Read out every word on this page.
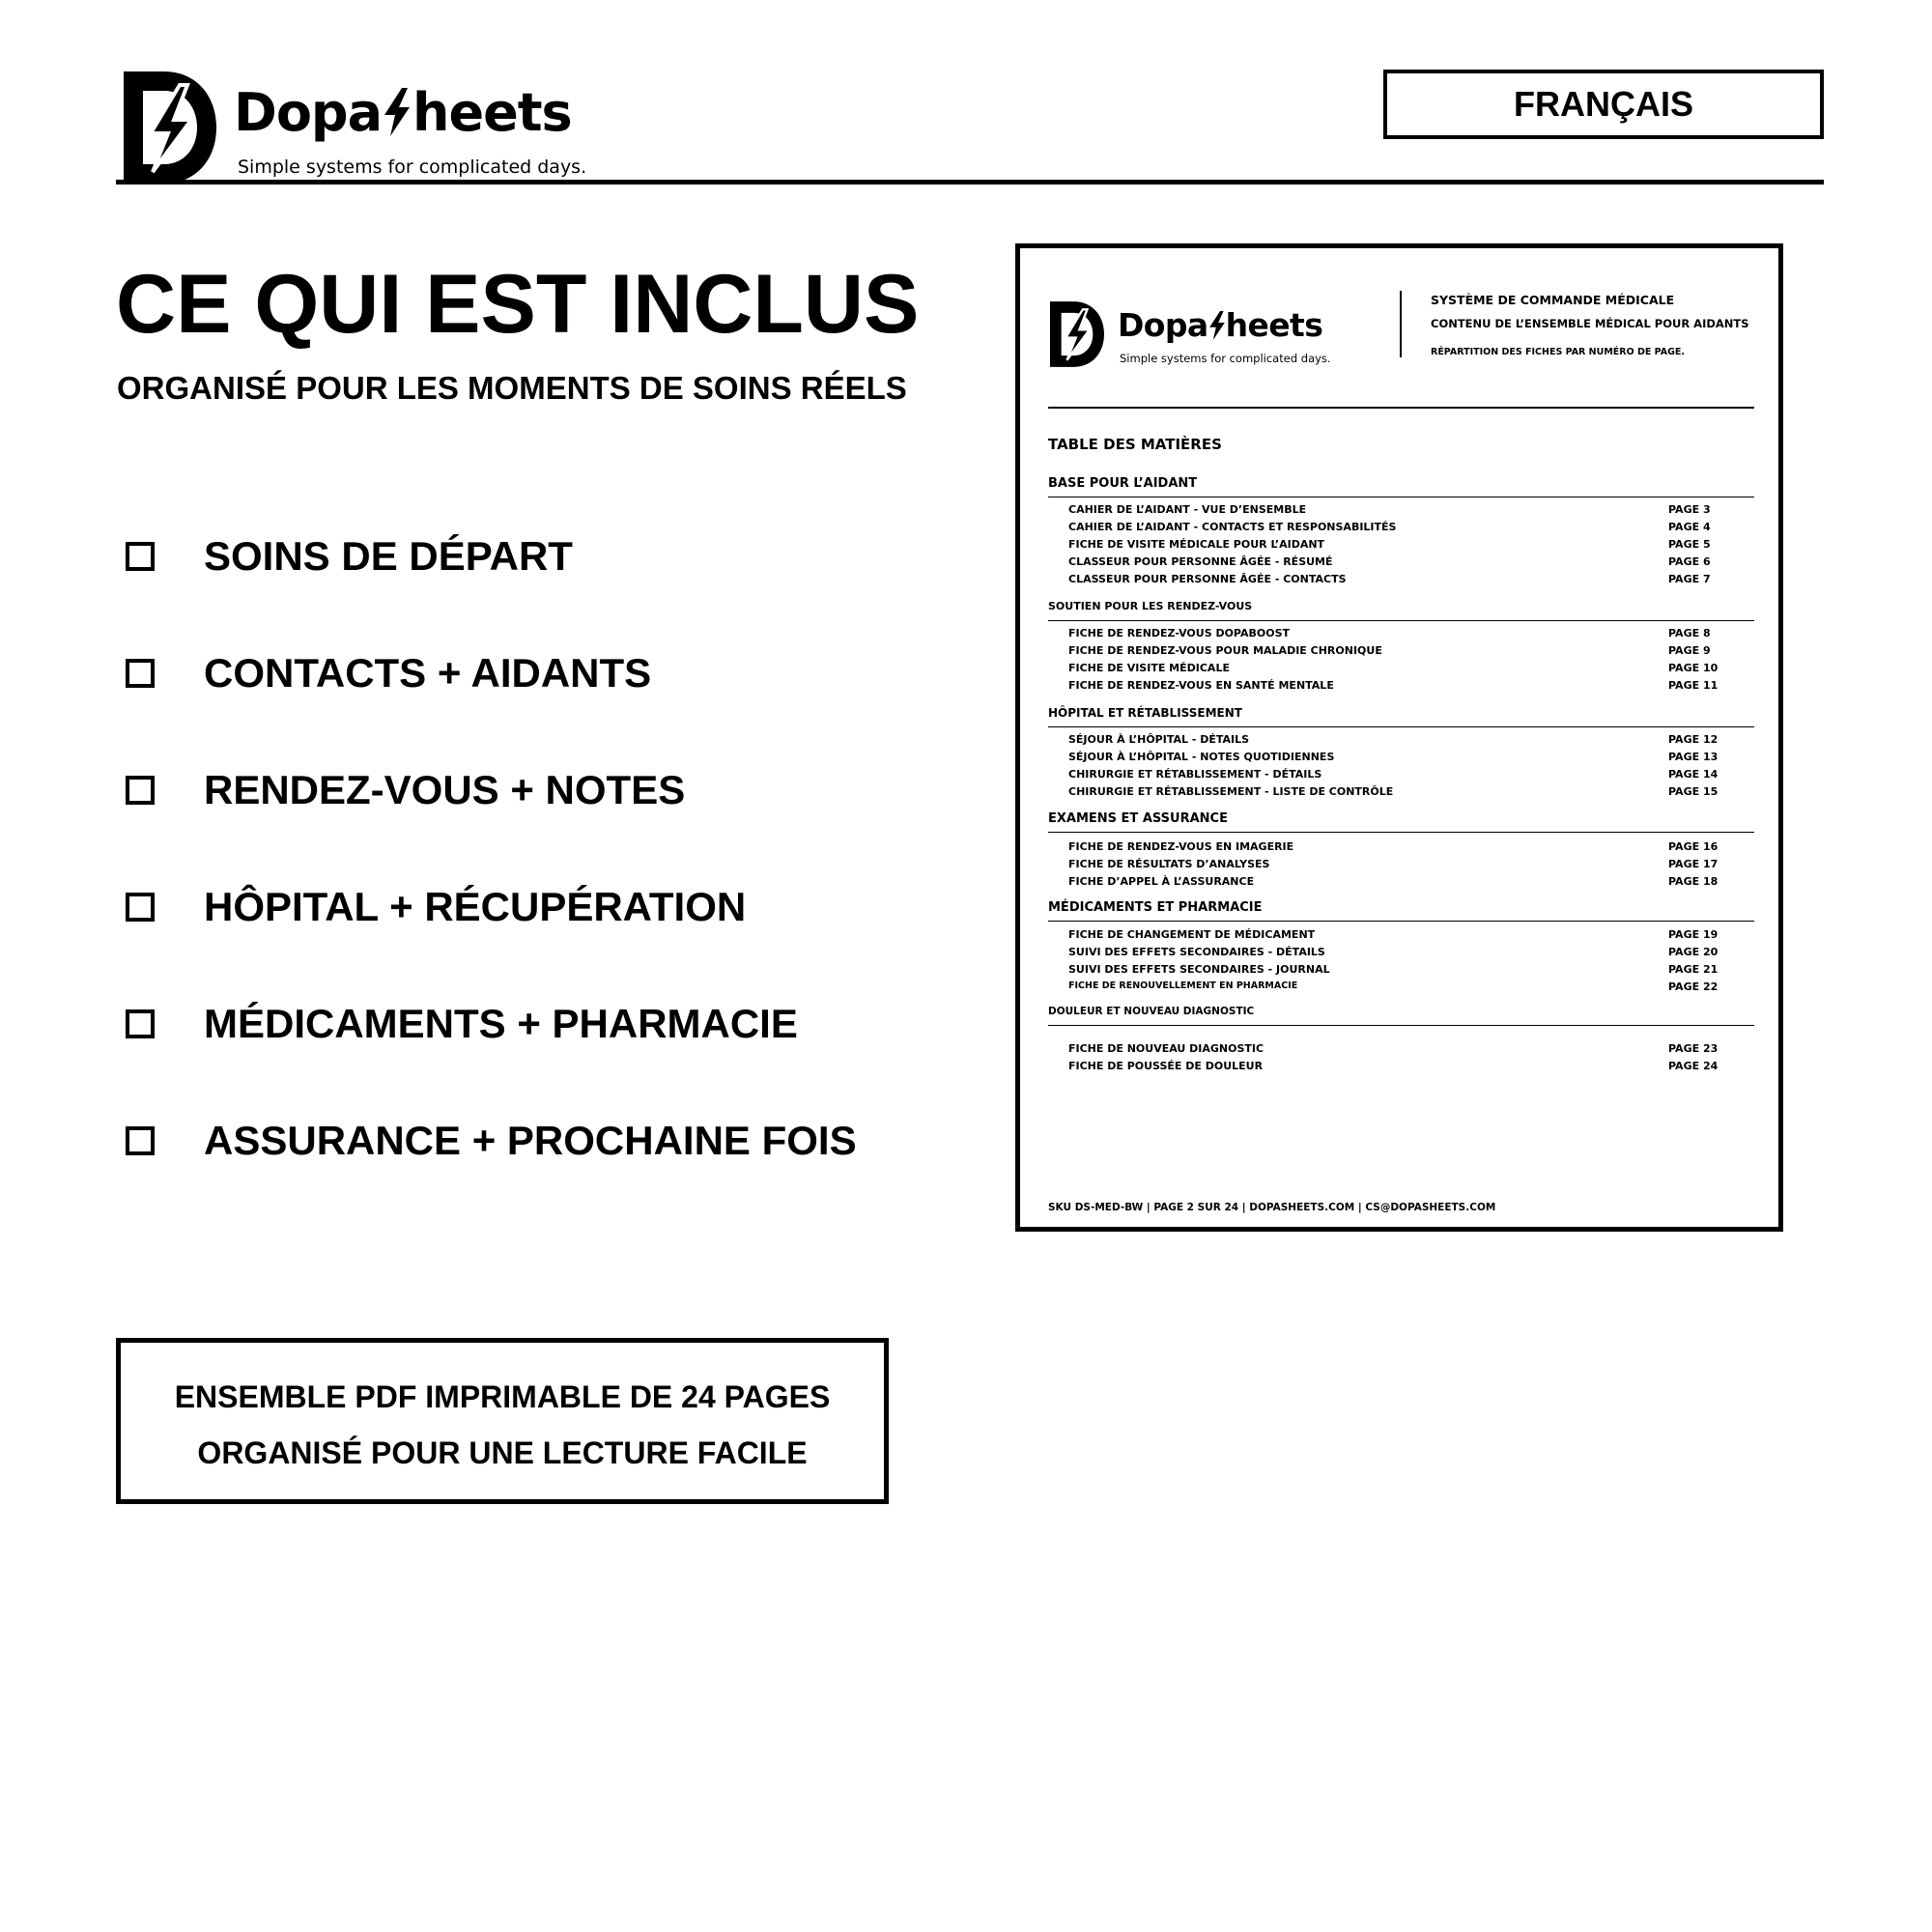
Dopa heets
Simple systems for complicated days.
FRANÇAIS
CE QUI EST INCLUS
ORGANISÉ POUR LES MOMENTS DE SOINS RÉELS
SOINS DE DÉPART
CONTACTS + AIDANTS
RENDEZ-VOUS + NOTES
HÔPITAL + RÉCUPÉRATION
MÉDICAMENTS + PHARMACIE
ASSURANCE + PROCHAINE FOIS
ENSEMBLE PDF IMPRIMABLE DE 24 PAGES
ORGANISÉ POUR UNE LECTURE FACILE
Dopa heets
Simple systems for complicated days.
SYSTÈME DE COMMANDE MÉDICALE
CONTENU DE L’ENSEMBLE MÉDICAL POUR AIDANTS
RÉPARTITION DES FICHES PAR NUMÉRO DE PAGE.
TABLE DES MATIÈRES
BASE POUR L’AIDANT
CAHIER DE L’AIDANT - VUE D’ENSEMBLE	PAGE 3
CAHIER DE L’AIDANT - CONTACTS ET RESPONSABILITÉS	PAGE 4
FICHE DE VISITE MÉDICALE POUR L’AIDANT	PAGE 5
CLASSEUR POUR PERSONNE ÂGÉE - RÉSUMÉ	PAGE 6
CLASSEUR POUR PERSONNE ÂGÉE - CONTACTS	PAGE 7
SOUTIEN POUR LES RENDEZ-VOUS
FICHE DE RENDEZ-VOUS DOPABOOST	PAGE 8
FICHE DE RENDEZ-VOUS POUR MALADIE CHRONIQUE	PAGE 9
FICHE DE VISITE MÉDICALE	PAGE 10
FICHE DE RENDEZ-VOUS EN SANTÉ MENTALE	PAGE 11
HÔPITAL ET RÉTABLISSEMENT
SÉJOUR À L’HÔPITAL - DÉTAILS	PAGE 12
SÉJOUR À L’HÔPITAL - NOTES QUOTIDIENNES	PAGE 13
CHIRURGIE ET RÉTABLISSEMENT - DÉTAILS	PAGE 14
CHIRURGIE ET RÉTABLISSEMENT - LISTE DE CONTRÔLE	PAGE 15
EXAMENS ET ASSURANCE
FICHE DE RENDEZ-VOUS EN IMAGERIE	PAGE 16
FICHE DE RÉSULTATS D’ANALYSES	PAGE 17
FICHE D’APPEL À L’ASSURANCE	PAGE 18
MÉDICAMENTS ET PHARMACIE
FICHE DE CHANGEMENT DE MÉDICAMENT	PAGE 19
SUIVI DES EFFETS SECONDAIRES - DÉTAILS	PAGE 20
SUIVI DES EFFETS SECONDAIRES - JOURNAL	PAGE 21
FICHE DE RENOUVELLEMENT EN PHARMACIE	PAGE 22
DOULEUR ET NOUVEAU DIAGNOSTIC
FICHE DE NOUVEAU DIAGNOSTIC	PAGE 23
FICHE DE POUSSÉE DE DOULEUR	PAGE 24
SKU DS-MED-BW | PAGE 2 SUR 24 | DOPASHEETS.COM | CS@DOPASHEETS.COM
